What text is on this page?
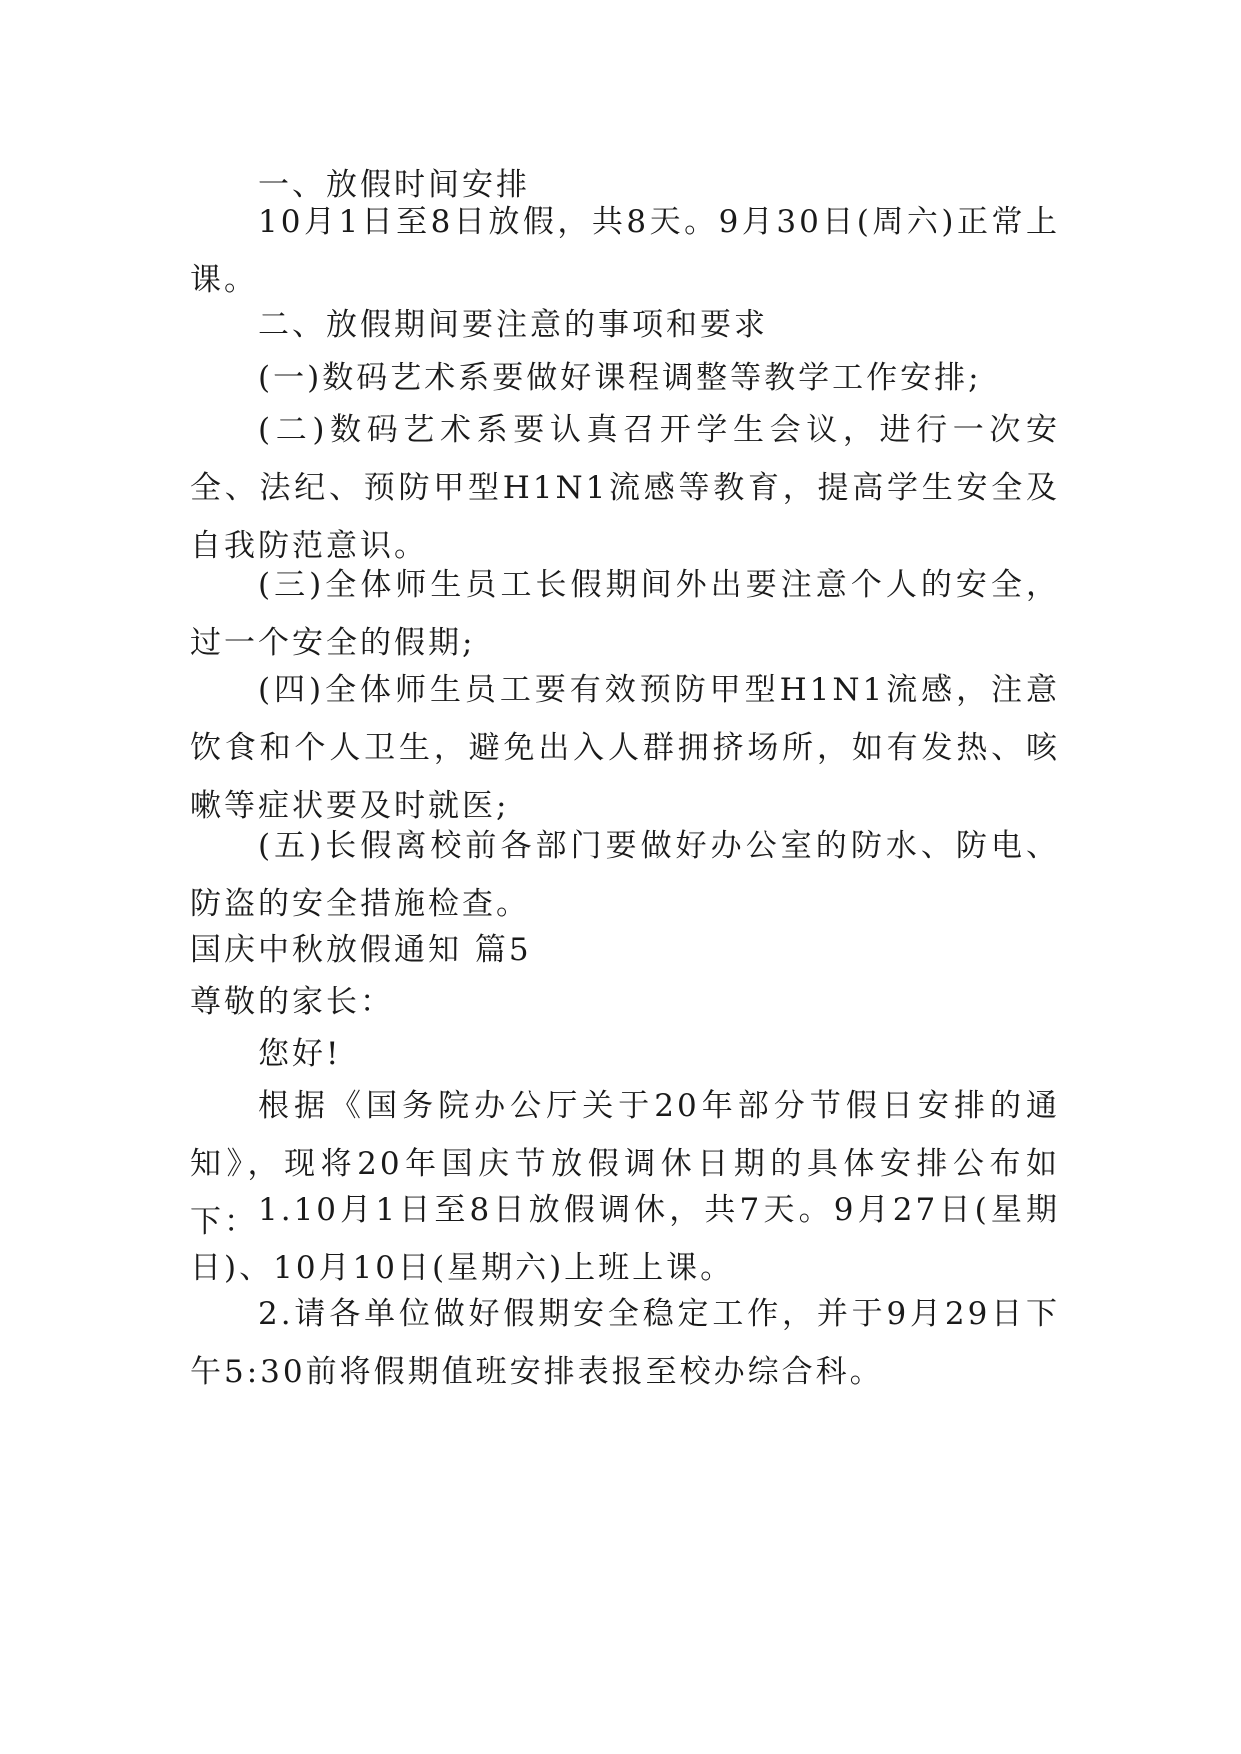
一、放假时间安排

10月1日至8日放假，共8天。9月30日(周六)正常上课。

二、放假期间要注意的事项和要求

(一)数码艺术系要做好课程调整等教学工作安排;

(二)数码艺术系要认真召开学生会议，进行一次安全、法纪、预防甲型H1N1流感等教育，提高学生安全及自我防范意识。

(三)全体师生员工长假期间外出要注意个人的安全，过一个安全的假期;

(四)全体师生员工要有效预防甲型H1N1流感，注意饮食和个人卫生，避免出入人群拥挤场所，如有发热、咳嗽等症状要及时就医;

(五)长假离校前各部门要做好办公室的防水、防电、防盗的安全措施检查。

国庆中秋放假通知 篇5

尊敬的家长：

您好!

根据《国务院办公厅关于20年部分节假日安排的通知》，现将20年国庆节放假调休日期的具体安排公布如下： 1.10月1日至8日放假调休，共7天。9月27日(星期日)、10月10日(星期六)上班上课。

2.请各单位做好假期安全稳定工作，并于9月29日下午5:30前将假期值班安排表报至校办综合科。
